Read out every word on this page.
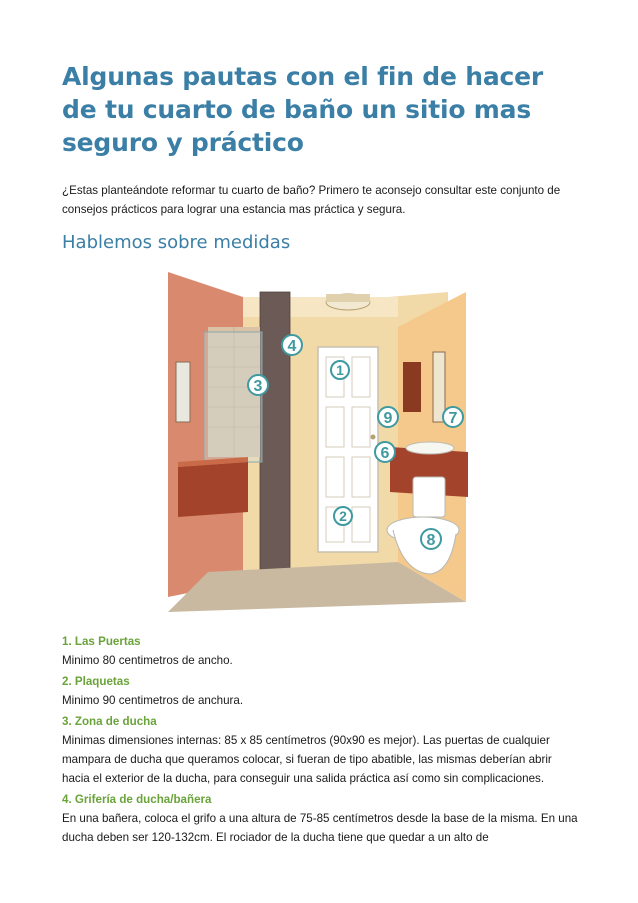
Algunas pautas con el fin de hacer de tu cuarto de baño un sitio mas seguro y práctico

¿Estas planteándote reformar tu cuarto de baño? Primero te aconsejo consultar este conjunto de consejos prácticos para lograr una estancia mas práctica y segura.

Hablemos sobre medidas
1
2
3
4
6
7
8
9
1. Las Puertas
Minimo 80 centimetros de ancho.
2. Plaquetas
Minimo 90 centimetros de anchura.
3. Zona de ducha
Minimas dimensiones internas: 85 x 85 centímetros (90x90 es mejor). Las puertas de cualquier mampara de ducha que queramos colocar, si fueran de tipo abatible, las mismas deberían abrir hacia el exterior de la ducha, para conseguir una salida práctica así como sin complicaciones.
4. Grifería de ducha/bañera
En una bañera, coloca el grifo a una altura de 75-85 centímetros desde la base de la misma. En una ducha deben ser 120-132cm. El rociador de la ducha tiene que quedar a un alto de
